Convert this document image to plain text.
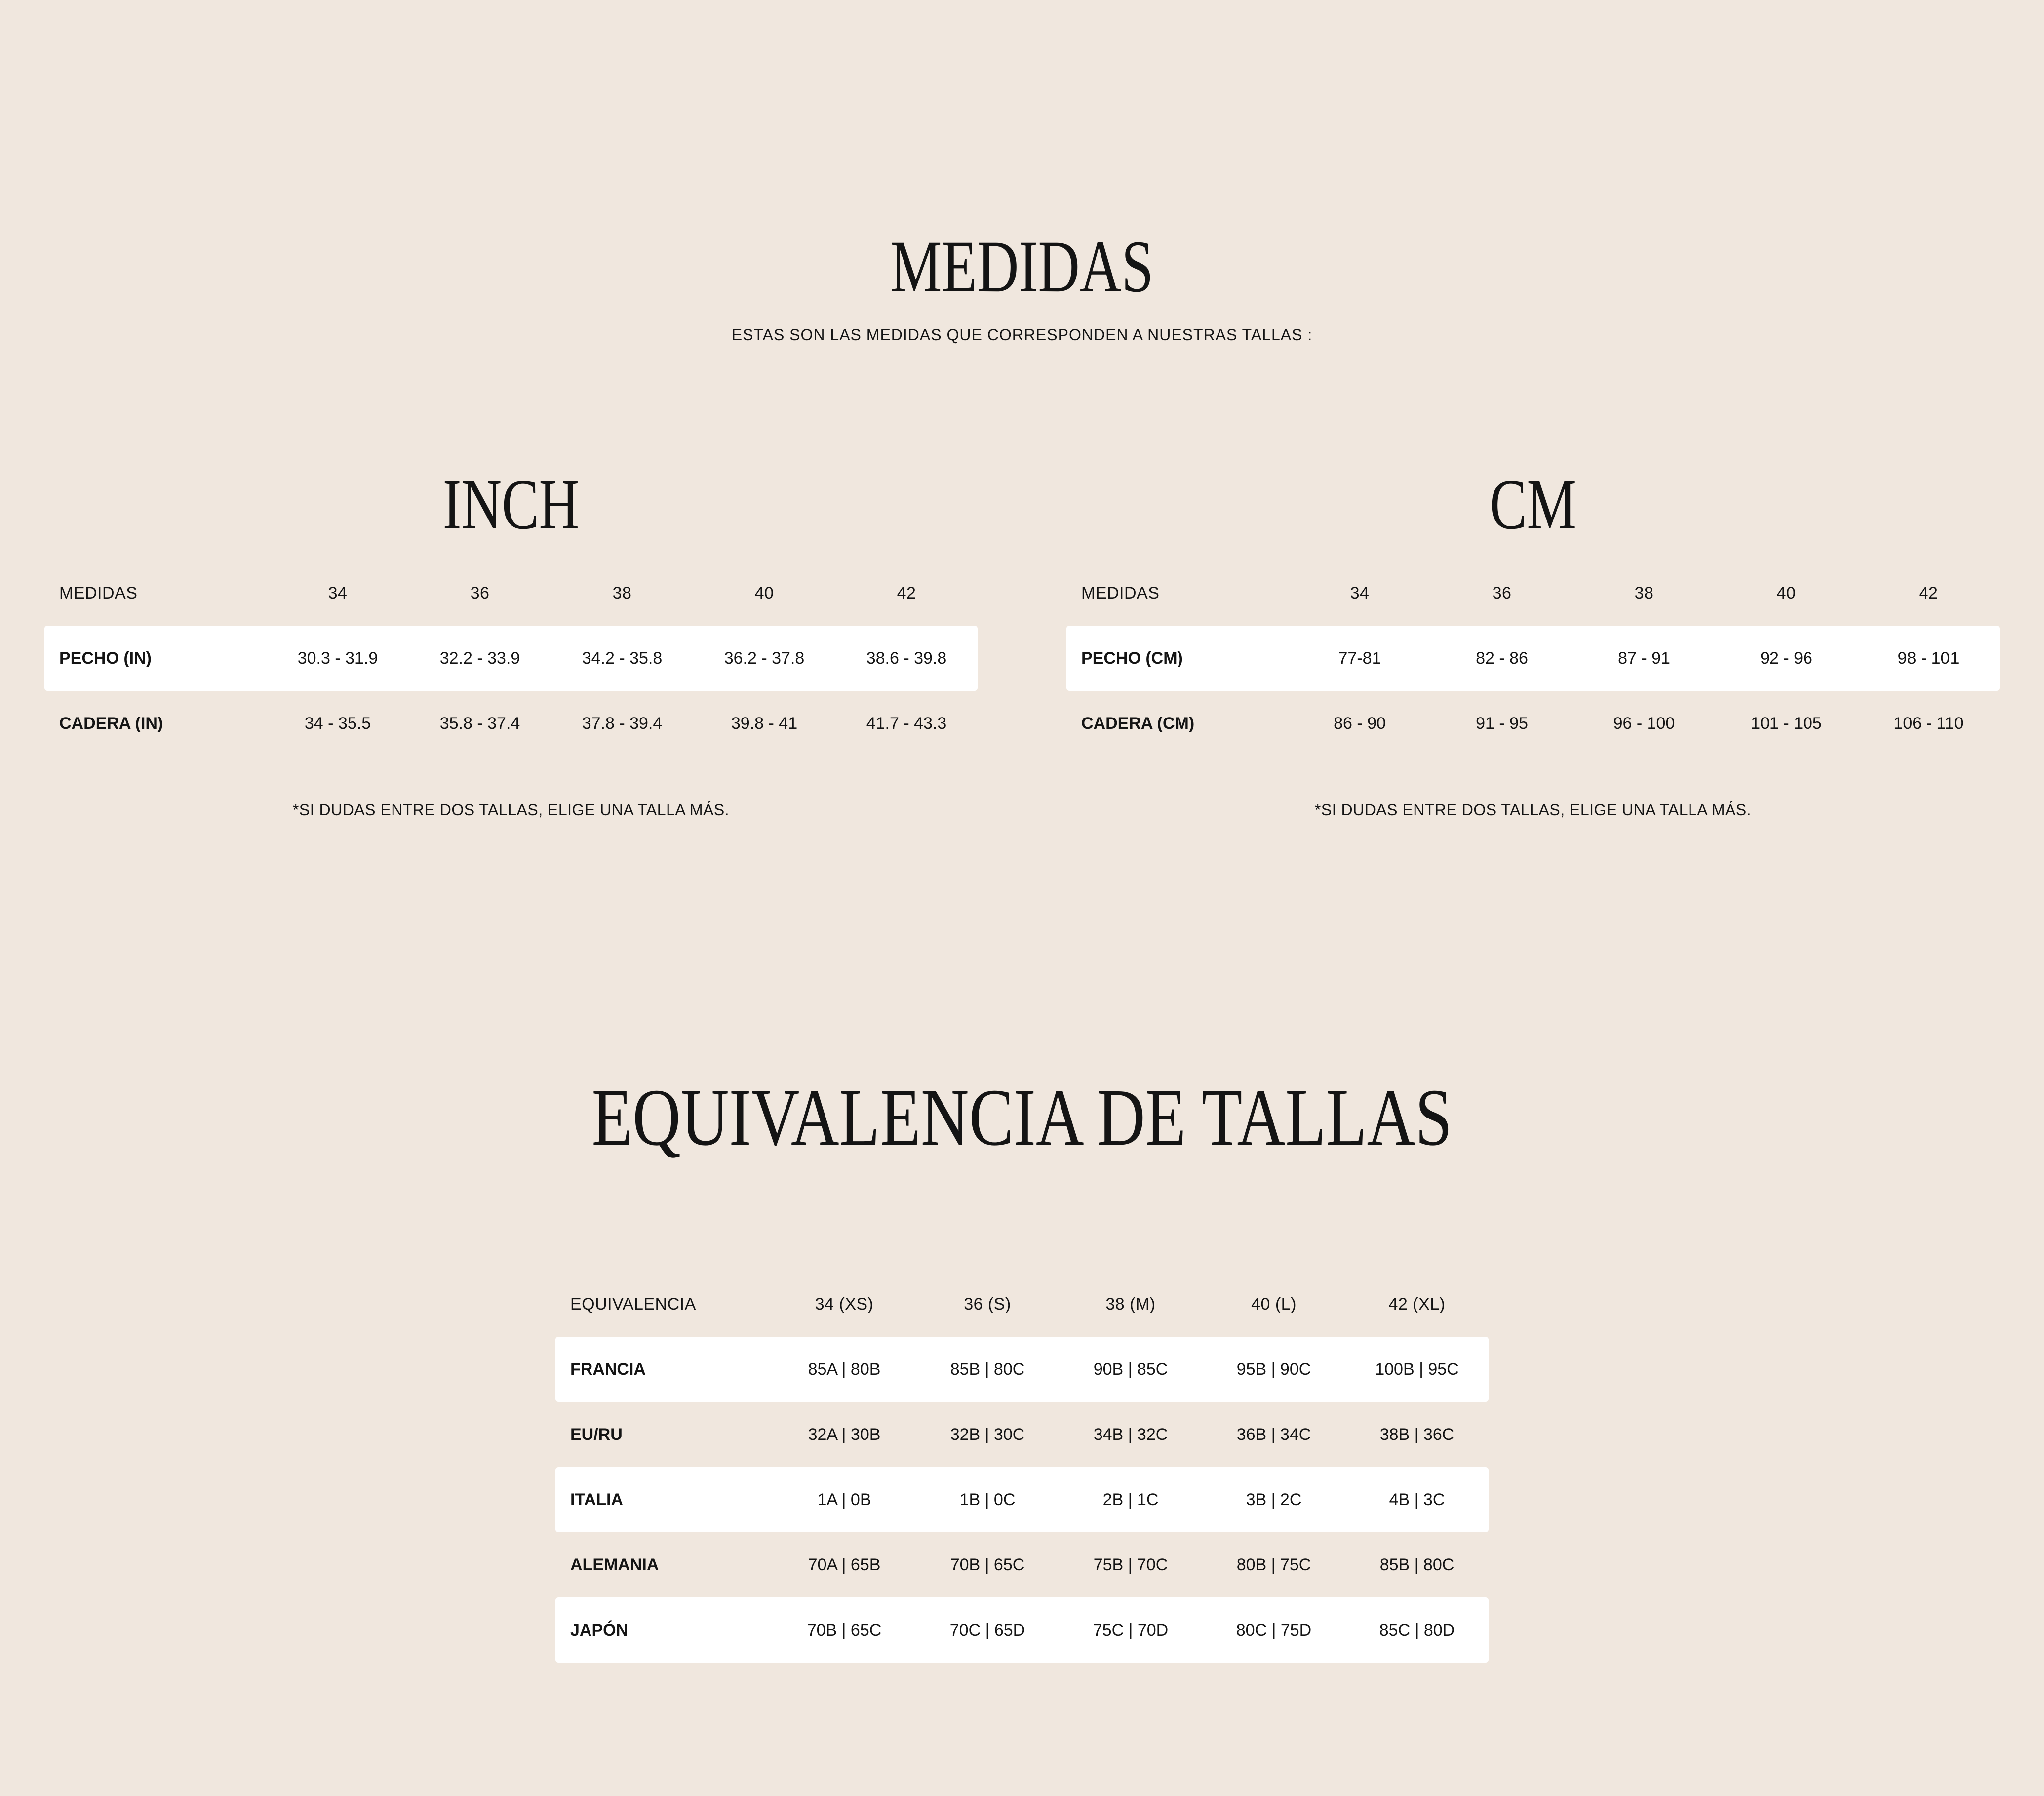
MEDIDAS
ESTAS SON LAS MEDIDAS QUE CORRESPONDEN A NUESTRAS TALLAS :
INCH	CM
MEDIDAS	34	36	38	40	42
PECHO (IN)	30.3 - 31.9	32.2 - 33.9	34.2 - 35.8	36.2 - 37.8	38.6 - 39.8
CADERA (IN)	34 - 35.5	35.8 - 37.4	37.8 - 39.4	39.8 - 41	41.7 - 43.3
MEDIDAS	34	36	38	40	42
PECHO (CM)	77-81	82 - 86	87 - 91	92 - 96	98 - 101
CADERA (CM)	86 - 90	91 - 95	96 - 100	101 - 105	106 - 110
*SI DUDAS ENTRE DOS TALLAS, ELIGE UNA TALLA MÁS.	*SI DUDAS ENTRE DOS TALLAS, ELIGE UNA TALLA MÁS.
EQUIVALENCIA DE TALLAS
EQUIVALENCIA	34 (XS)	36 (S)	38 (M)	40 (L)	42 (XL)
FRANCIA	85A | 80B	85B | 80C	90B | 85C	95B | 90C	100B | 95C
EU/RU	32A | 30B	32B | 30C	34B | 32C	36B | 34C	38B | 36C
ITALIA	1A | 0B	1B | 0C	2B | 1C	3B | 2C	4B | 3C
ALEMANIA	70A | 65B	70B | 65C	75B | 70C	80B | 75C	85B | 80C
JAPÓN	70B | 65C	70C | 65D	75C | 70D	80C | 75D	85C | 80D
